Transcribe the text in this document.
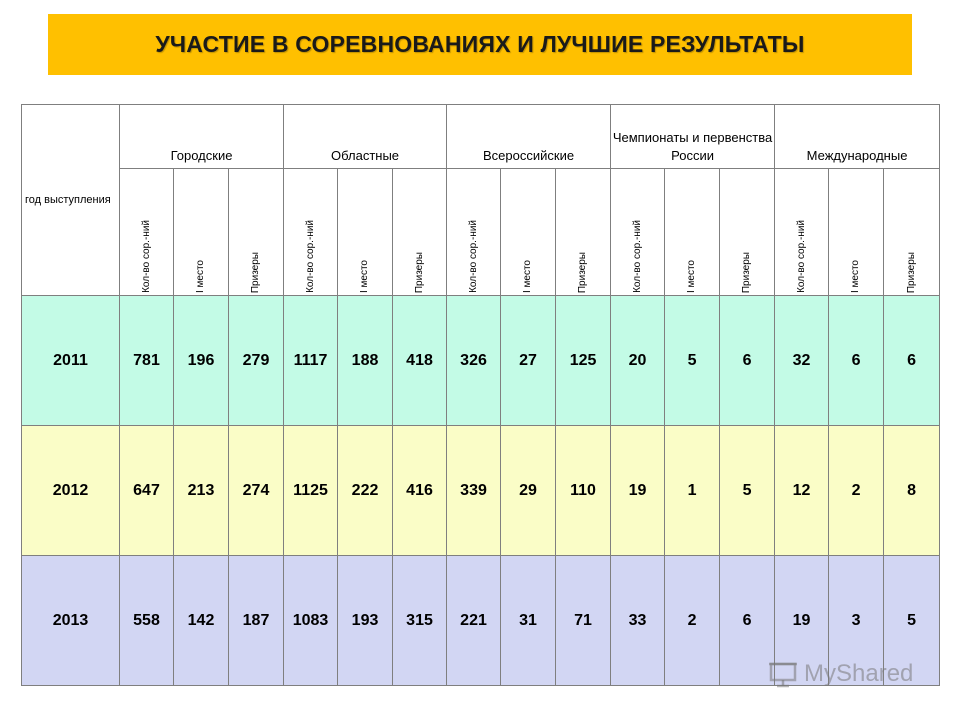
УЧАСТИЕ В СОРЕВНОВАНИЯХ И ЛУЧШИЕ РЕЗУЛЬТАТЫ
год выступления	Городские			Областные			Всероссийские			Чемпионаты и первенства России			Международные		

	Кол-во сор.-ний	I место	Призеры	Кол-во сор.-ний	I место	Призеры	Кол-во сор.-ний	I место	Призеры	Кол-во сор.-ний	I место	Призеры	Кол-во сор.-ний	I место	Призеры

2011	781	196	279	1117	188	418	326	27	125	20	5	6	32	6	6
2012	647	213	274	1125	222	416	339	29	110	19	1	5	12	2	8
2013	558	142	187	1083	193	315	221	31	71	33	2	6	19	3	5
MyShared
